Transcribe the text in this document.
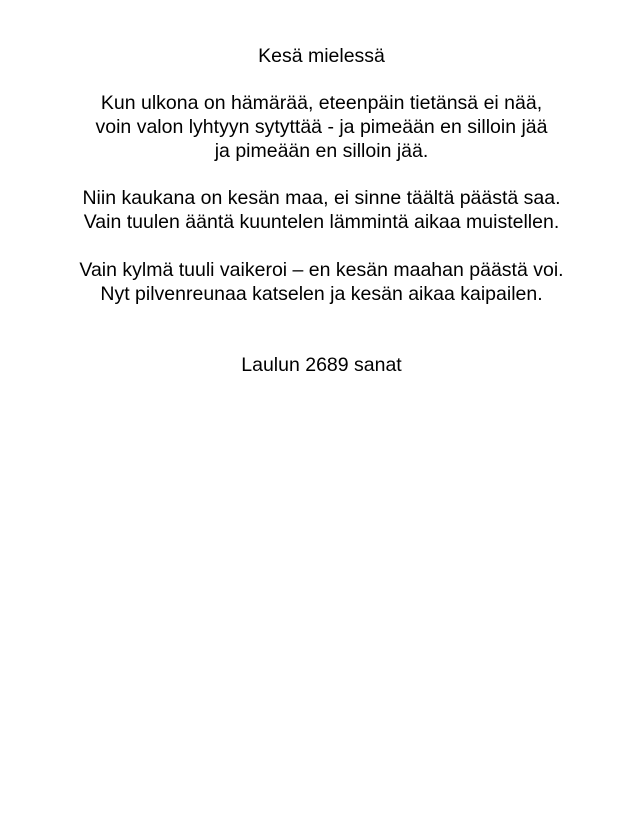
Kesä mielessä
Kun ulkona on hämärää, eteenpäin tietänsä ei nää,
voin valon lyhtyyn sytyttää - ja pimeään en silloin jää
ja pimeään en silloin jää.
Niin kaukana on kesän maa, ei sinne täältä päästä saa.
Vain tuulen ääntä kuuntelen lämmintä aikaa muistellen.
Vain kylmä tuuli vaikeroi – en kesän maahan päästä voi.
Nyt pilvenreunaa katselen ja kesän aikaa kaipailen.
Laulun 2689 sanat
